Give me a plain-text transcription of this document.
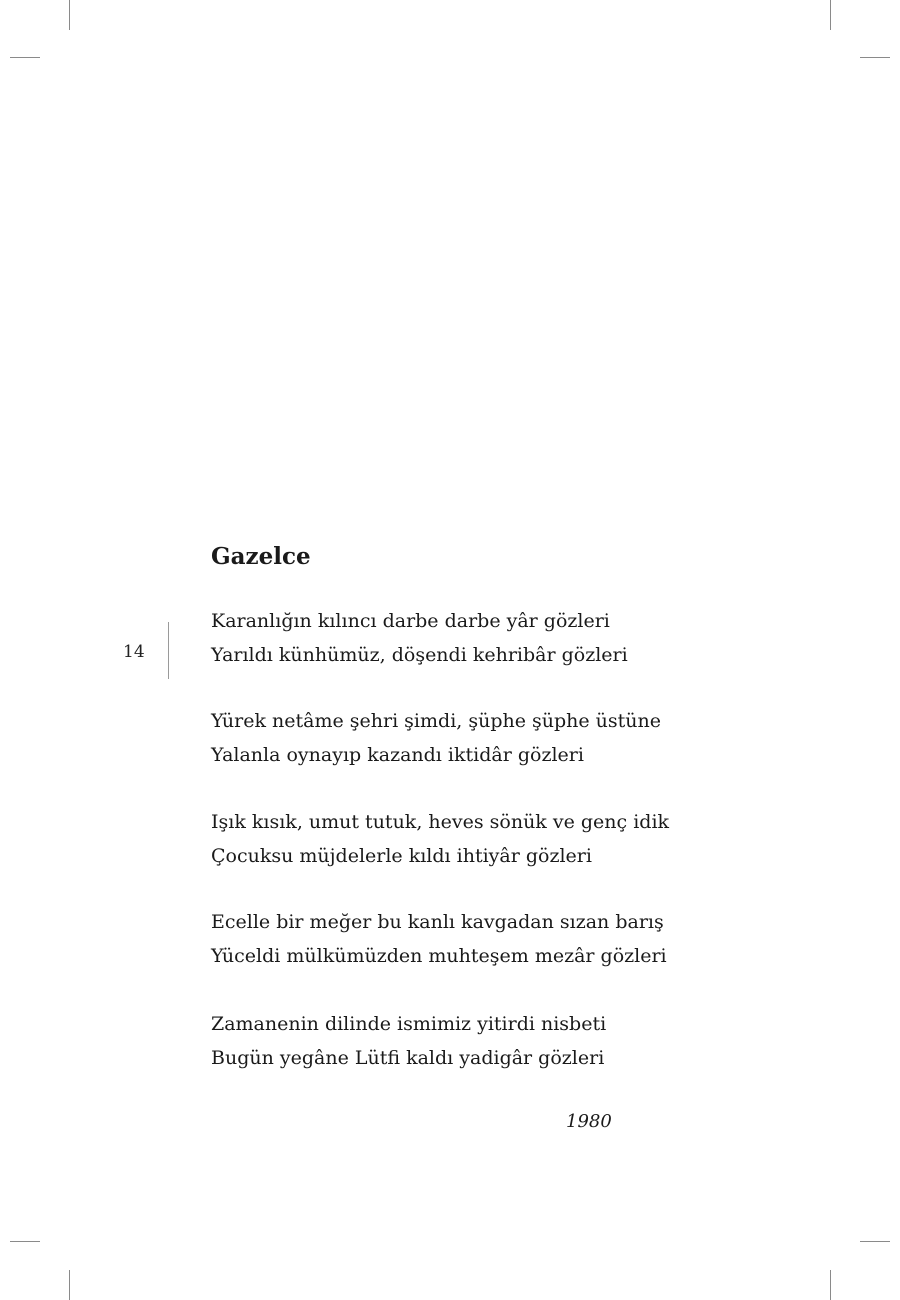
14
Gazelce
Karanlığın kılıncı darbe darbe yâr gözleri
Yarıldı künhümüz, döşendi kehribâr gözleri
Yürek netâme şehri şimdi, şüphe şüphe üstüne
Yalanla oynayıp kazandı iktidâr gözleri
Işık kısık, umut tutuk, heves sönük ve genç idik
Çocuksu müjdelerle kıldı ihtiyâr gözleri
Ecelle bir meğer bu kanlı kavgadan sızan barış
Yüceldi mülkümüzden muhteşem mezâr gözleri
Zamanenin dilinde ismimiz yitirdi nisbeti
Bugün yegâne Lütfi kaldı yadigâr gözleri
1980
